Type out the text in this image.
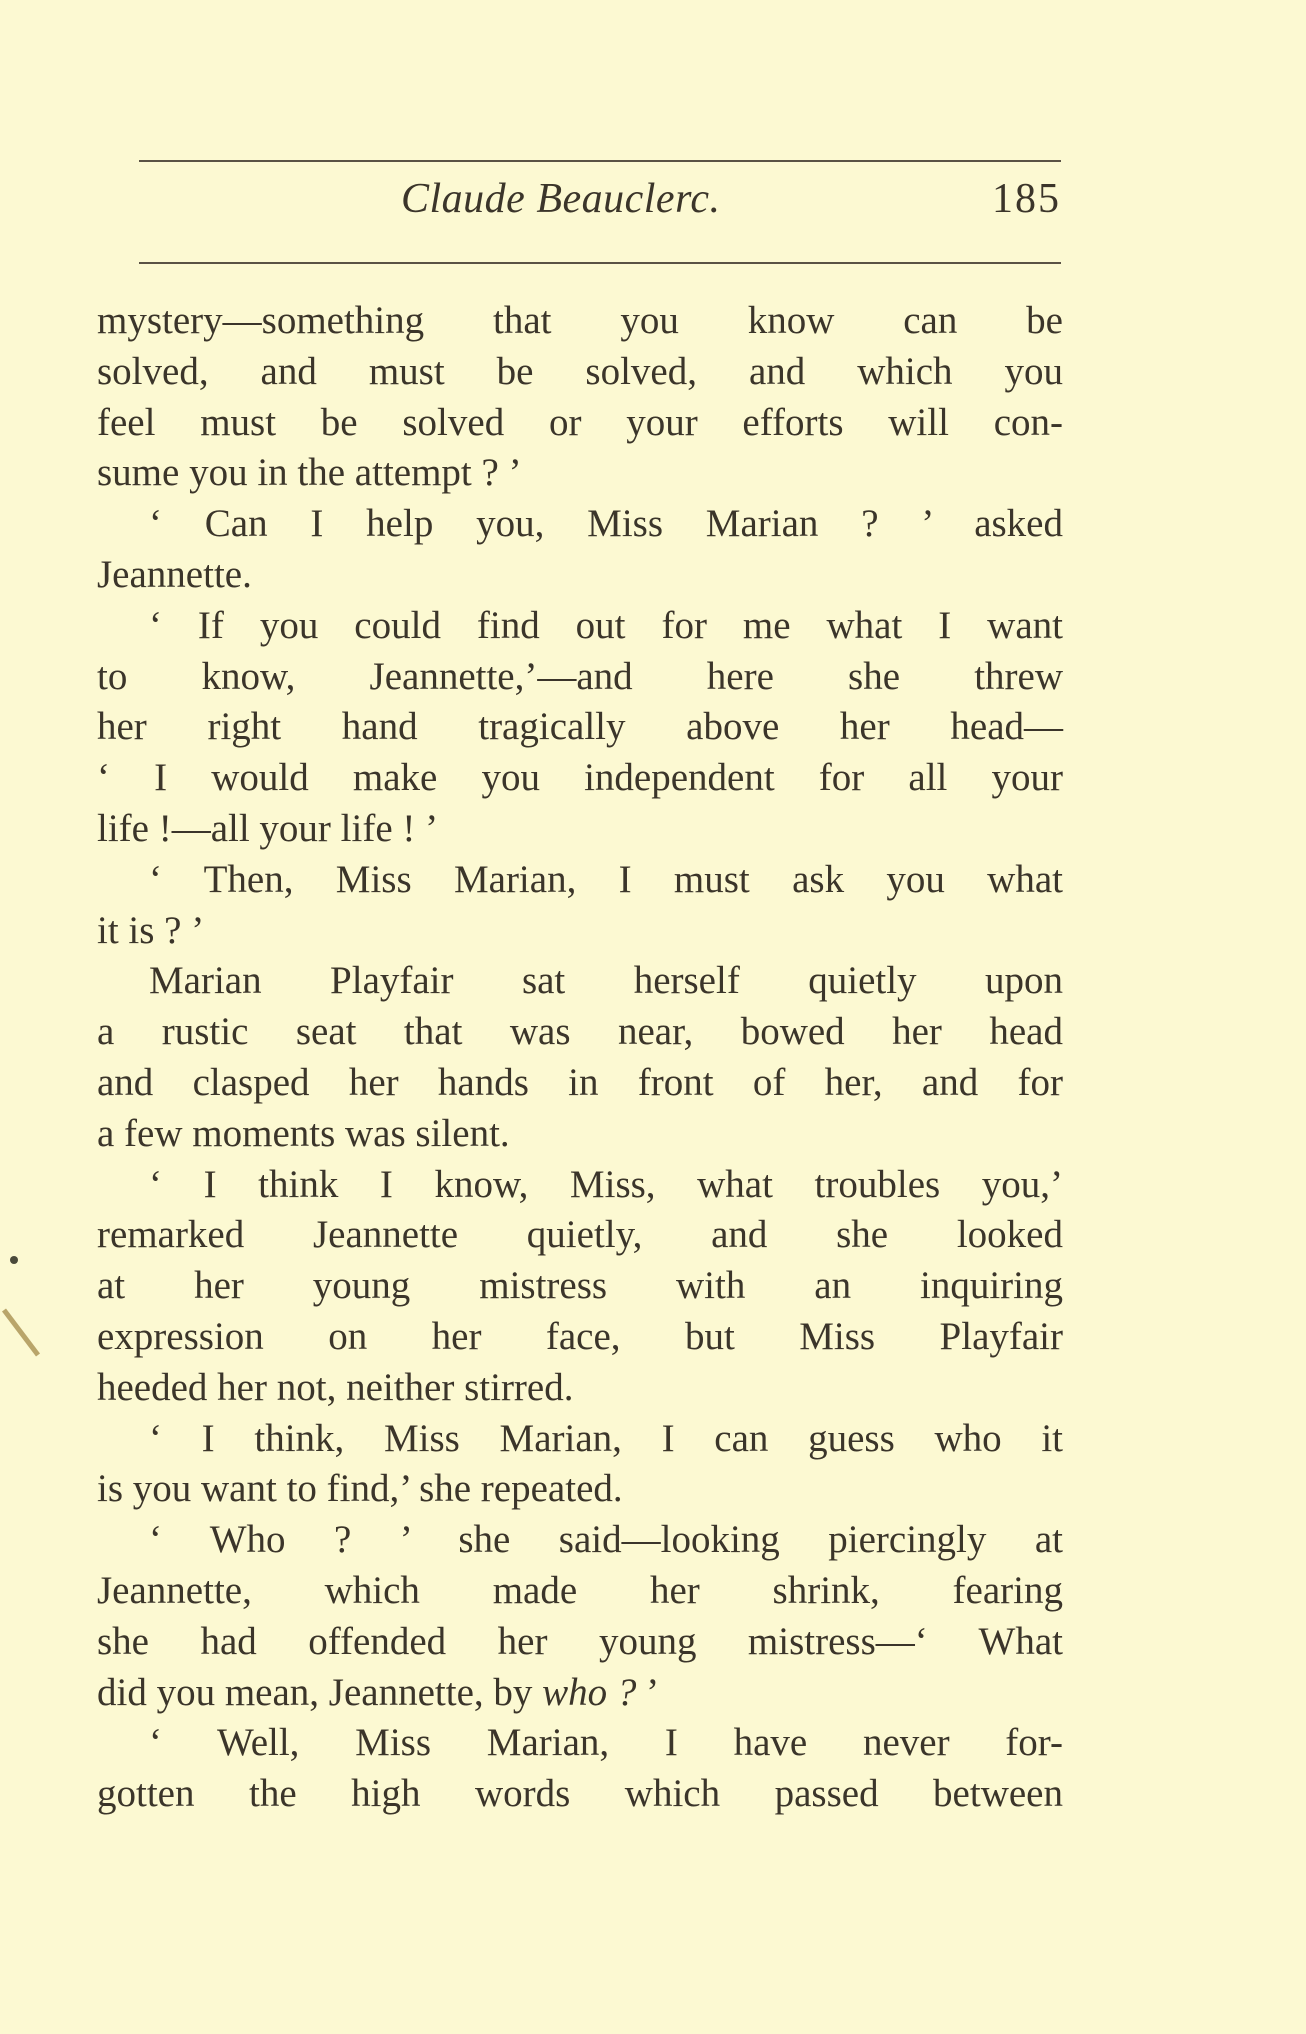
Claude Beauclerc.	185
mystery—something that you know can be
solved, and must be solved, and which you
feel must be solved or your efforts will con-
sume you in the attempt ? ’
‘ Can I help you, Miss Marian ? ’ asked
Jeannette.
‘ If you could find out for me what I want
to know, Jeannette,’—and here she threw
her right hand tragically above her head—
‘ I would make you independent for all your
life !—all your life ! ’
‘ Then, Miss Marian, I must ask you what
it is ? ’
Marian Playfair sat herself quietly upon
a rustic seat that was near, bowed her head
and clasped her hands in front of her, and for
a few moments was silent.
‘ I think I know, Miss, what troubles you,’
remarked Jeannette quietly, and she looked
at her young mistress with an inquiring
expression on her face, but Miss Playfair
heeded her not, neither stirred.
‘ I think, Miss Marian, I can guess who it
is you want to find,’ she repeated.
‘ Who ? ’ she said—looking piercingly at
Jeannette, which made her shrink, fearing
she had offended her young mistress—‘ What
did you mean, Jeannette, by who ? ’
‘ Well, Miss Marian, I have never for-
gotten the high words which passed between
